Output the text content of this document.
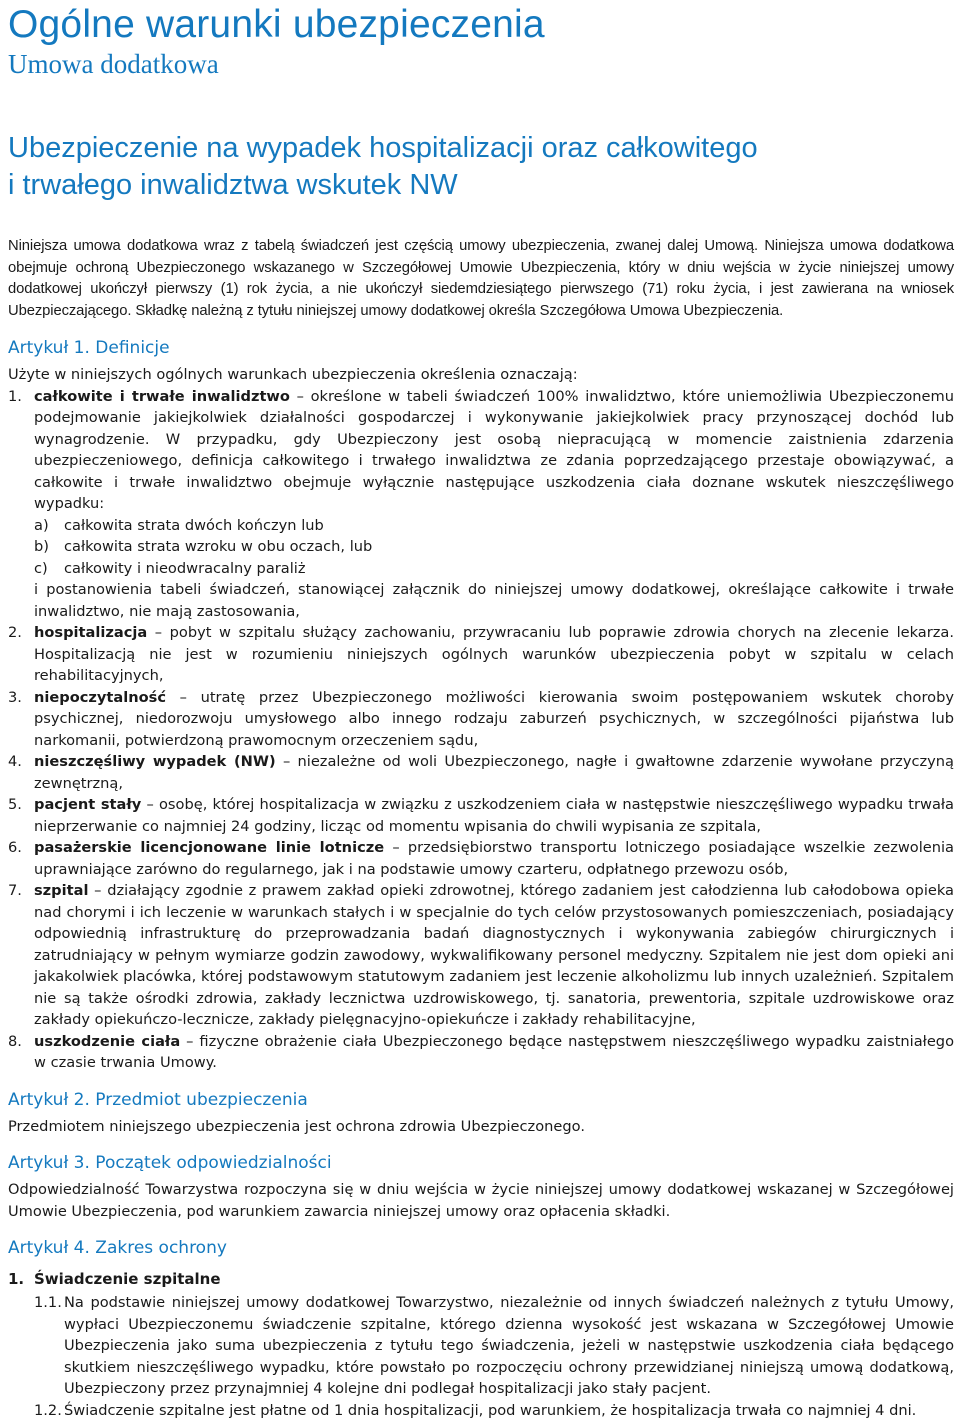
Ogólne warunki ubezpieczenia

Umowa dodatkowa

Ubezpieczenie na wypadek hospitalizacji oraz całkowitego
i trwałego inwalidztwa wskutek NW

Niniejsza umowa dodatkowa wraz z tabelą świadczeń jest częścią umowy ubezpieczenia, zwanej dalej Umową. Niniejsza umowa dodatkowa obejmuje ochroną Ubezpieczonego wskazanego w Szczegółowej Umowie Ubezpieczenia, który w dniu wejścia w życie niniejszej umowy dodatkowej ukończył pierwszy (1) rok życia, a nie ukończył siedemdziesiątego pierwszego (71) roku życia, i jest zawierana na wniosek Ubezpieczającego. Składkę należną z tytułu niniejszej umowy dodatkowej określa Szczegółowa Umowa Ubezpieczenia.

Artykuł 1. Definicje

Użyte w niniejszych ogólnych warunkach ubezpieczenia określenia oznaczają:

1. całkowite i trwałe inwalidztwo – określone w tabeli świadczeń 100% inwalidztwo, które uniemożliwia Ubezpieczonemu podejmowanie jakiejkolwiek działalności gospodarczej i wykonywanie jakiejkolwiek pracy przynoszącej dochód lub wynagrodzenie. W przypadku, gdy Ubezpieczony jest osobą niepracującą w momencie zaistnienia zdarzenia ubezpieczeniowego, definicja całkowitego i trwałego inwalidztwa ze zdania poprzedzającego przestaje obowiązywać, a całkowite i trwałe inwalidztwo obejmuje wyłącznie następujące uszkodzenia ciała doznane wskutek nieszczęśliwego wypadku:
a)	całkowita strata dwóch kończyn lub
b)	całkowita strata wzroku w obu oczach, lub
c)	całkowity i nieodwracalny paraliż

i postanowienia tabeli świadczeń, stanowiącej załącznik do niniejszej umowy dodatkowej, określające całkowite i trwałe inwalidztwo, nie mają zastosowania,

2. hospitalizacja – pobyt w szpitalu służący zachowaniu, przywracaniu lub poprawie zdrowia chorych na zlecenie lekarza. Hospitalizacją nie jest w rozumieniu niniejszych ogólnych warunków ubezpieczenia pobyt w szpitalu w celach rehabilitacyjnych,
3. niepoczytalność – utratę przez Ubezpieczonego możliwości kierowania swoim postępowaniem wskutek choroby psychicznej, niedorozwoju umysłowego albo innego rodzaju zaburzeń psychicznych, w szczególności pijaństwa lub narkomanii, potwierdzoną prawomocnym orzeczeniem sądu,
4. nieszczęśliwy wypadek (NW) – niezależne od woli Ubezpieczonego, nagłe i gwałtowne zdarzenie wywołane przyczyną zewnętrzną,
5. pacjent stały – osobę, której hospitalizacja w związku z uszkodzeniem ciała w następstwie nieszczęśliwego wypadku trwała nieprzerwanie co najmniej 24 godziny, licząc od momentu wpisania do chwili wypisania ze szpitala,
6. pasażerskie licencjonowane linie lotnicze – przedsiębiorstwo transportu lotniczego posiadające wszelkie zezwolenia uprawniające zarówno do regularnego, jak i na podstawie umowy czarteru, odpłatnego przewozu osób,
7. szpital – działający zgodnie z prawem zakład opieki zdrowotnej, którego zadaniem jest całodzienna lub całodobowa opieka nad chorymi i ich leczenie w warunkach stałych i w specjalnie do tych celów przystosowanych pomieszczeniach, posiadający odpowiednią infrastrukturę do przeprowadzania badań diagnostycznych i wykonywania zabiegów chirurgicznych i zatrudniający w pełnym wymiarze godzin zawodowy, wykwalifikowany personel medyczny. Szpitalem nie jest dom opieki ani jakakolwiek placówka, której podstawowym statutowym zadaniem jest leczenie alkoholizmu lub innych uzależnień. Szpitalem nie są także ośrodki zdrowia, zakłady lecznictwa uzdrowiskowego, tj. sanatoria, prewentoria, szpitale uzdrowiskowe oraz zakłady opiekuńczo-lecznicze, zakłady pielęgnacyjno-opiekuńcze i zakłady rehabilitacyjne,
8. uszkodzenie ciała – fizyczne obrażenie ciała Ubezpieczonego będące następstwem nieszczęśliwego wypadku zaistniałego w czasie trwania Umowy.
Artykuł 2. Przedmiot ubezpieczenia

Przedmiotem niniejszego ubezpieczenia jest ochrona zdrowia Ubezpieczonego.

Artykuł 3. Początek odpowiedzialności

Odpowiedzialność Towarzystwa rozpoczyna się w dniu wejścia w życie niniejszej umowy dodatkowej wskazanej w Szczegółowej Umowie Ubezpieczenia, pod warunkiem zawarcia niniejszej umowy oraz opłacenia składki.

Artykuł 4. Zakres ochrony
1. Świadczenie szpitalne
1.1. Na podstawie niniejszej umowy dodatkowej Towarzystwo, niezależnie od innych świadczeń należnych z tytułu Umowy, wypłaci Ubezpieczonemu świadczenie szpitalne, którego dzienna wysokość jest wskazana w Szczegółowej Umowie Ubezpieczenia jako suma ubezpieczenia z tytułu tego świadczenia, jeżeli w następstwie uszkodzenia ciała będącego skutkiem nieszczęśliwego wypadku, które powstało po rozpoczęciu ochrony przewidzianej niniejszą umową dodatkową, Ubezpieczony przez przynajmniej 4 kolejne dni podlegał hospitalizacji jako stały pacjent.
1.2. Świadczenie szpitalne jest płatne od 1 dnia hospitalizacji, pod warunkiem, że hospitalizacja trwała co najmniej 4 dni.
